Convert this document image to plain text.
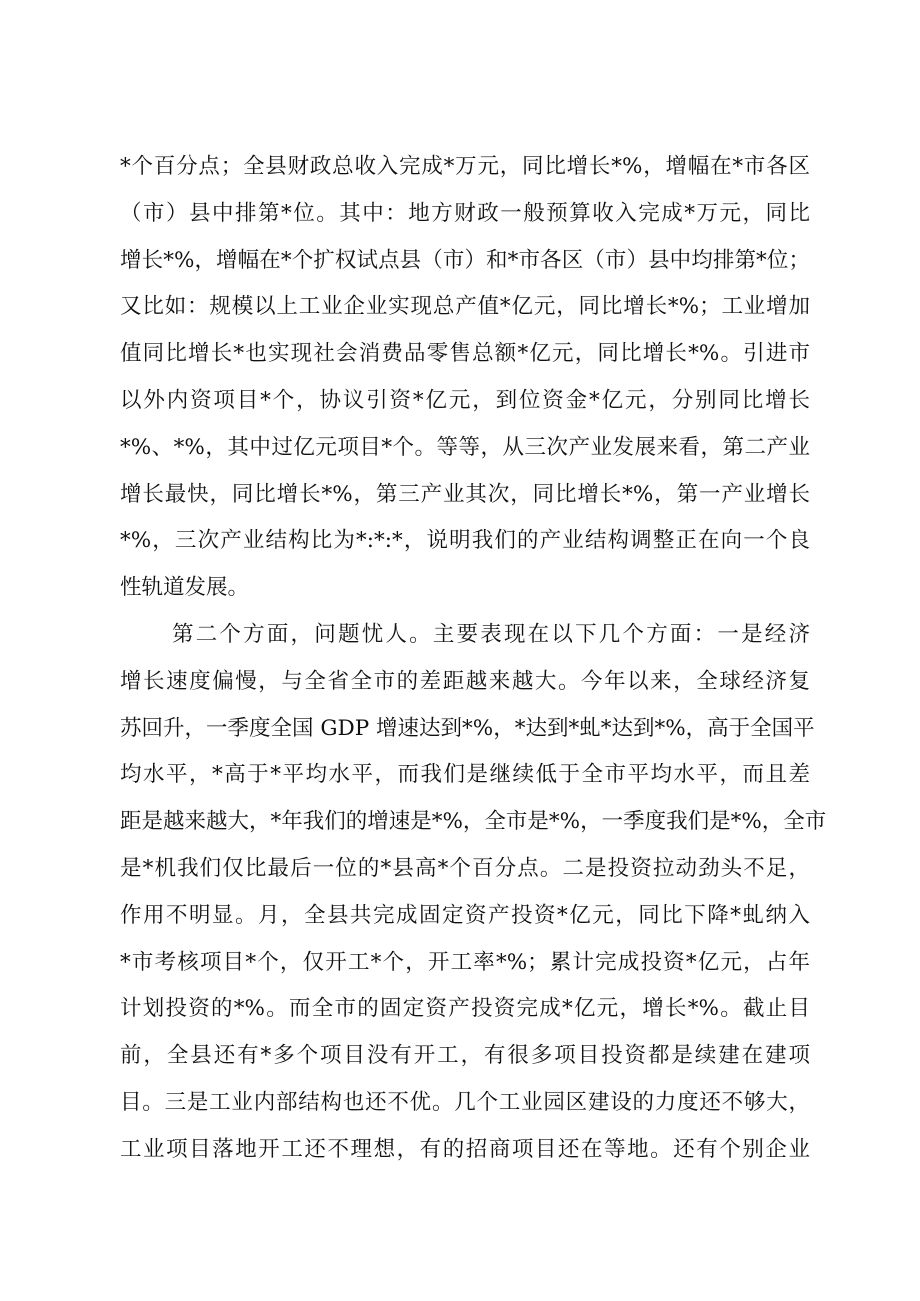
*个百分点；全县财政总收入完成*万元，同比增长*%，增幅在*市各区
（市）县中排第*位。其中：地方财政一般预算收入完成*万元，同比
增长*%，增幅在*个扩权试点县（市）和*市各区（市）县中均排第*位；
又比如：规模以上工业企业实现总产值*亿元，同比增长*%；工业增加
值同比增长*也实现社会消费品零售总额*亿元，同比增长*%。引进市
以外内资项目*个，协议引资*亿元，到位资金*亿元，分别同比增长
*%、*%，其中过亿元项目*个。等等，从三次产业发展来看，第二产业
增长最快，同比增长*%，第三产业其次，同比增长*%，第一产业增长
*%，三次产业结构比为*:*:*，说明我们的产业结构调整正在向一个良
性轨道发展。
第二个方面，问题忧人。主要表现在以下几个方面：一是经济
增长速度偏慢，与全省全市的差距越来越大。今年以来，全球经济复
苏回升，一季度全国 GDP 增速达到*%，*达到*虬*达到*%，高于全国平
均水平，*高于*平均水平，而我们是继续低于全市平均水平，而且差
距是越来越大，*年我们的增速是*%，全市是*%，一季度我们是*%，全市
是*机我们仅比最后一位的*县高*个百分点。二是投资拉动劲头不足，
作用不明显。月，全县共完成固定资产投资*亿元，同比下降*虬纳入
*市考核项目*个，仅开工*个，开工率*%；累计完成投资*亿元，占年
计划投资的*%。而全市的固定资产投资完成*亿元，增长*%。截止目
前，全县还有*多个项目没有开工，有很多项目投资都是续建在建项
目。三是工业内部结构也还不优。几个工业园区建设的力度还不够大，
工业项目落地开工还不理想，有的招商项目还在等地。还有个别企业
